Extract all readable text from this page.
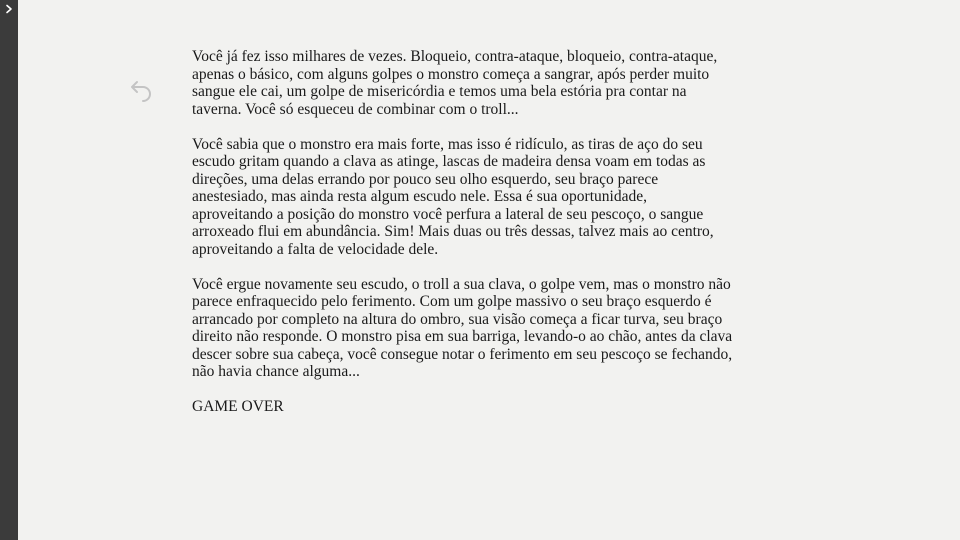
Você já fez isso milhares de vezes. Bloqueio, contra-ataque, bloqueio, contra-ataque,
apenas o básico, com alguns golpes o monstro começa a sangrar, após perder muito
sangue ele cai, um golpe de misericórdia e temos uma bela estória pra contar na
taverna. Você só esqueceu de combinar com o troll...

Você sabia que o monstro era mais forte, mas isso é ridículo, as tiras de aço do seu
escudo gritam quando a clava as atinge, lascas de madeira densa voam em todas as
direções, uma delas errando por pouco seu olho esquerdo, seu braço parece
anestesiado, mas ainda resta algum escudo nele. Essa é sua oportunidade,
aproveitando a posição do monstro você perfura a lateral de seu pescoço, o sangue
arroxeado flui em abundância. Sim! Mais duas ou três dessas, talvez mais ao centro,
aproveitando a falta de velocidade dele.

Você ergue novamente seu escudo, o troll a sua clava, o golpe vem, mas o monstro não
parece enfraquecido pelo ferimento. Com um golpe massivo o seu braço esquerdo é
arrancado por completo na altura do ombro, sua visão começa a ficar turva, seu braço
direito não responde. O monstro pisa em sua barriga, levando-o ao chão, antes da clava
descer sobre sua cabeça, você consegue notar o ferimento em seu pescoço se fechando,
não havia chance alguma...

GAME OVER
